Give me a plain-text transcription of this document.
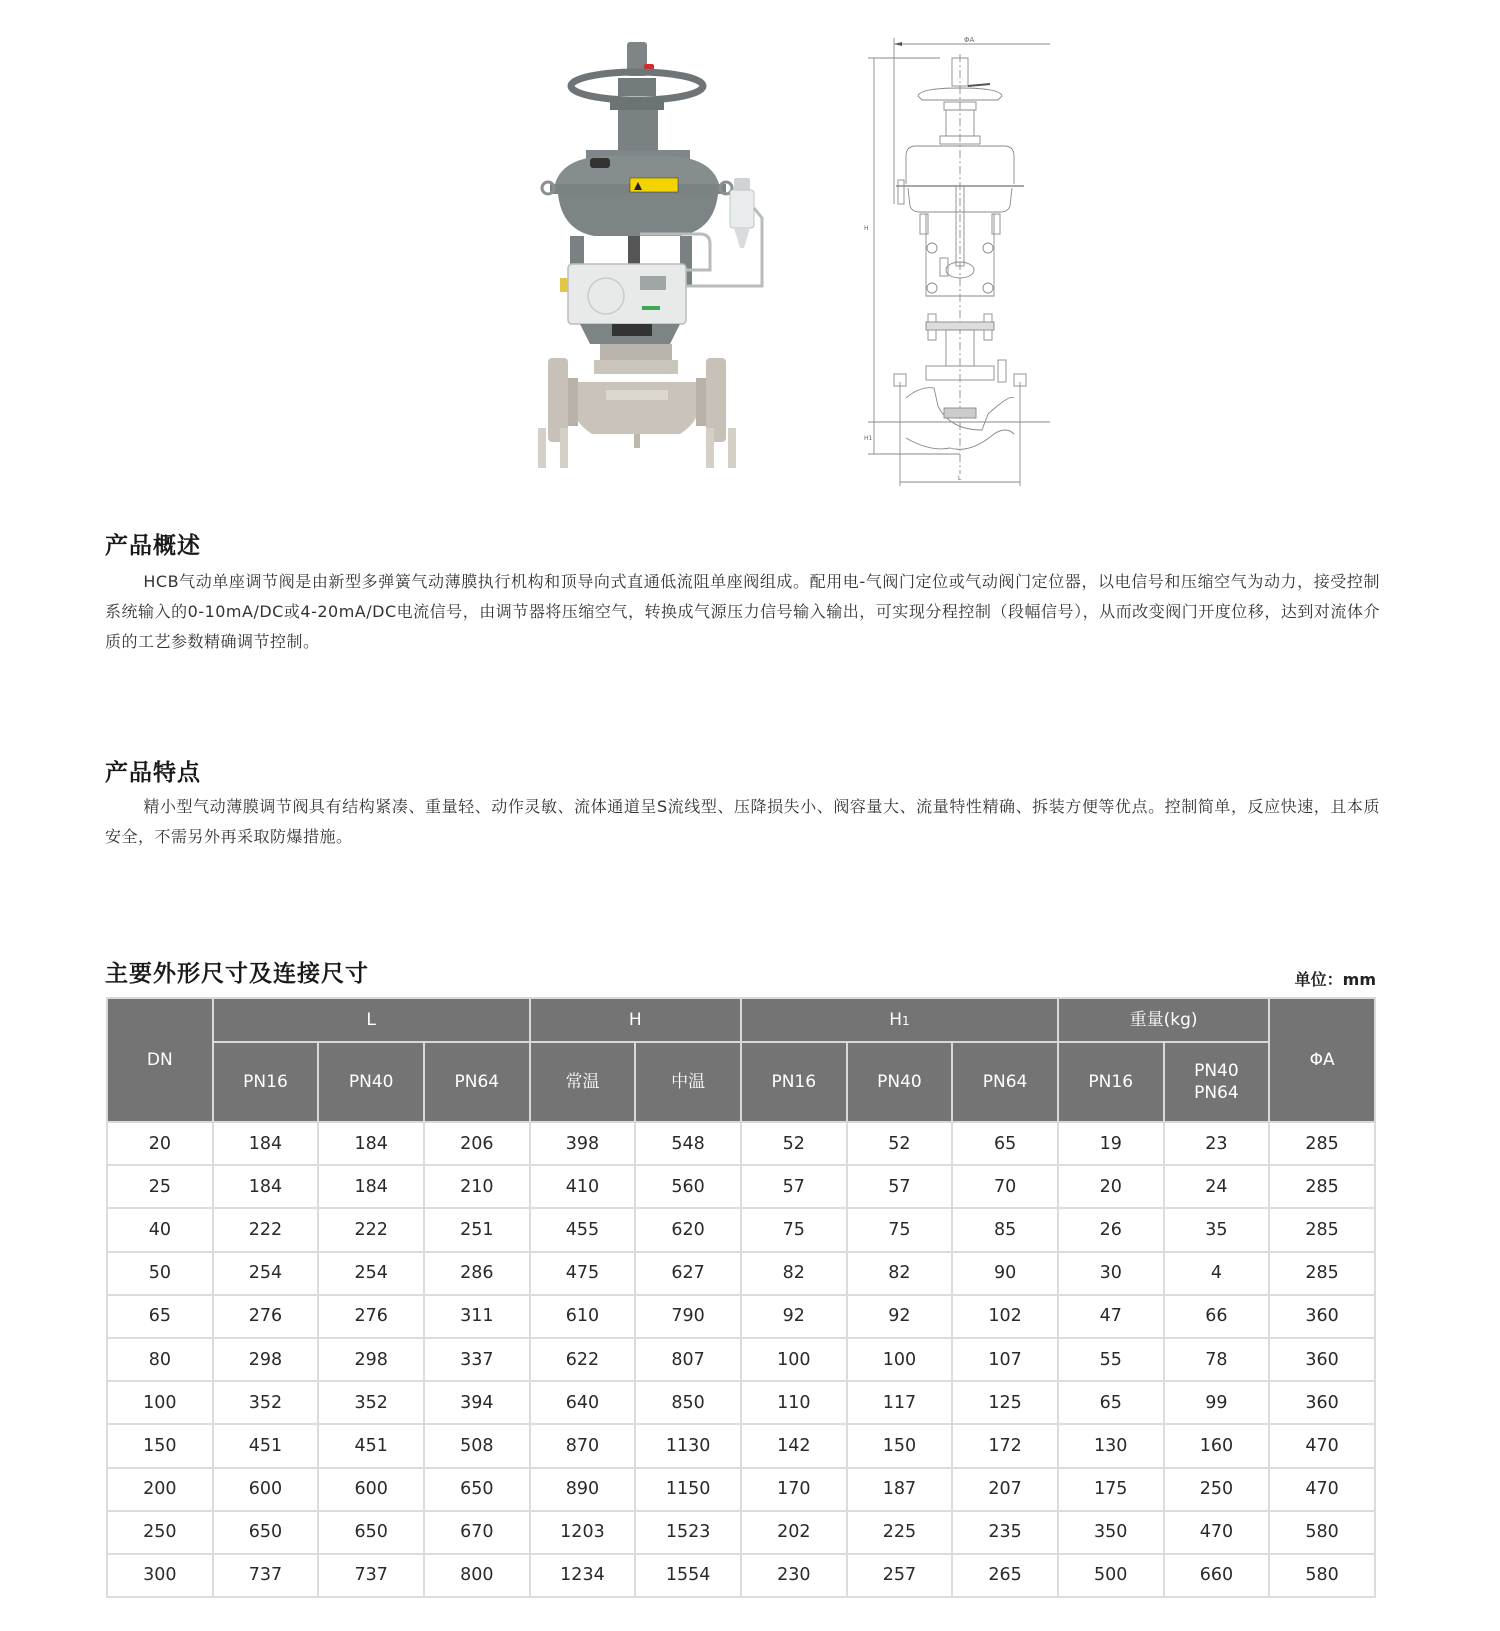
ΦA
H
H1
L
产品概述

HCB气动单座调节阀是由新型多弹簧气动薄膜执行机构和顶导向式直通低流阻单座阀组成。配用电-气阀门定位或气动阀门定位器，以电信号和压缩空气为动力，接受控制系统输入的0-10mA/DC或4-20mA/DC电流信号，由调节器将压缩空气，转换成气源压力信号输入输出，可实现分程控制（段幅信号），从而改变阀门开度位移，达到对流体介质的工艺参数精确调节控制。

产品特点

精小型气动薄膜调节阀具有结构紧凑、重量轻、动作灵敏、流体通道呈S流线型、压降损失小、阀容量大、流量特性精确、拆装方便等优点。控制简单，反应快速，且本质安全，不需另外再采取防爆措施。

主要外形尺寸及连接尺寸	单位：mm
DN	L			H		H1			重量(kg)		ΦA
	PN16	PN40	PN64	常温	中温	PN16	PN40	PN64	PN16	PN40
PN64	

20	184	184	206	398	548	52	52	65	19	23	285
25	184	184	210	410	560	57	57	70	20	24	285
40	222	222	251	455	620	75	75	85	26	35	285
50	254	254	286	475	627	82	82	90	30	4	285
65	276	276	311	610	790	92	92	102	47	66	360
80	298	298	337	622	807	100	100	107	55	78	360
100	352	352	394	640	850	110	117	125	65	99	360
150	451	451	508	870	1130	142	150	172	130	160	470
200	600	600	650	890	1150	170	187	207	175	250	470
250	650	650	670	1203	1523	202	225	235	350	470	580
300	737	737	800	1234	1554	230	257	265	500	660	580
